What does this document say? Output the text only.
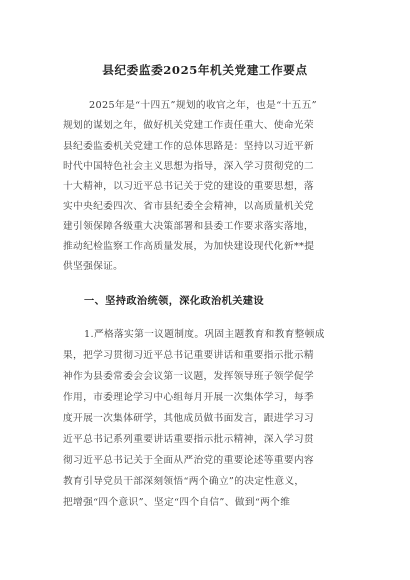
县纪委监委2025年机关党建工作要点
2025年是“十四五”规划的收官之年，也是“十五五”
规划的谋划之年，做好机关党建工作责任重大、使命光荣
县纪委监委机关党建工作的总体思路是：坚持以习近平新
时代中国特色社会主义思想为指导，深入学习贯彻党的二
十大精神，以习近平总书记关于党的建设的重要思想，落
实中央纪委四次、省市县纪委全会精神，以高质量机关党
建引领保障各级重大决策部署和县委工作要求落实落地，
推动纪检监察工作高质量发展，为加快建设现代化新**提
供坚强保证。
一、坚持政治统领，深化政治机关建设
1.严格落实第一议题制度。巩固主题教育和教育整顿成
果，把学习贯彻习近平总书记重要讲话和重要指示批示精
神作为县委常委会会议第一议题，发挥领导班子领学促学
作用，市委理论学习中心组每月开展一次集体学习，每季
度开展一次集体研学，其他成员做书面发言，跟进学习习
近平总书记系列重要讲话重要指示批示精神，深入学习贯
彻习近平总书记关于全面从严治党的重要论述等重要内容
教育引导党员干部深刻领悟“两个确立”的决定性意义，
把增强“四个意识”、坚定“四个自信”、做到“两个维
